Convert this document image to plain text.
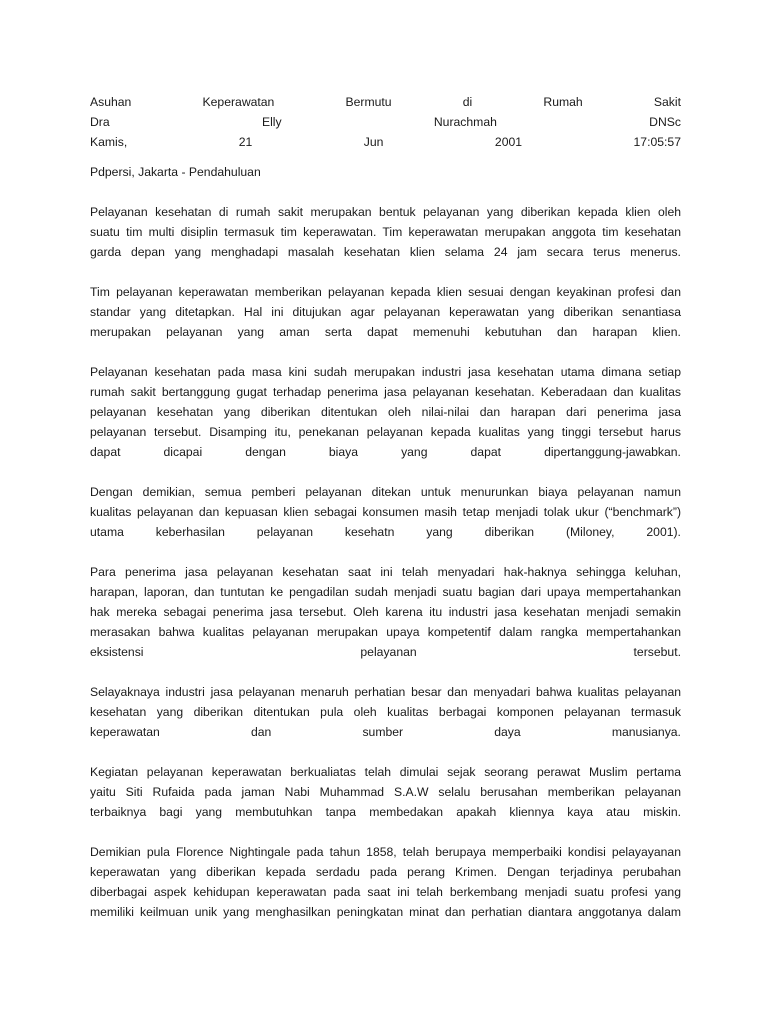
Asuhan	Keperawatan	Bermutu	di	Rumah	Sakit
Dra	Elly	Nurachmah	DNSc
Kamis,	21	Jun	2001	17:05:57
Pdpersi, Jakarta - Pendahuluan
Pelayanan kesehatan di rumah sakit merupakan bentuk pelayanan yang diberikan kepada klien oleh
suatu tim multi disiplin termasuk tim keperawatan. Tim keperawatan merupakan anggota tim kesehatan
garda depan yang menghadapi masalah kesehatan klien selama 24 jam secara terus menerus.
Tim pelayanan keperawatan memberikan pelayanan kepada klien sesuai dengan keyakinan profesi dan
standar yang ditetapkan. Hal ini ditujukan agar pelayanan keperawatan yang diberikan senantiasa
merupakan pelayanan yang aman serta dapat memenuhi kebutuhan dan harapan klien.
Pelayanan kesehatan pada masa kini sudah merupakan industri jasa kesehatan utama dimana setiap
rumah sakit bertanggung gugat terhadap penerima jasa pelayanan kesehatan. Keberadaan dan kualitas
pelayanan kesehatan yang diberikan ditentukan oleh nilai-nilai dan harapan dari penerima jasa
pelayanan tersebut. Disamping itu, penekanan pelayanan kepada kualitas yang tinggi tersebut harus
dapat	dicapai	dengan	biaya	yang	dapat	dipertanggung-jawabkan.
Dengan demikian, semua pemberi pelayanan ditekan untuk menurunkan biaya pelayanan namun
kualitas pelayanan dan kepuasan klien sebagai konsumen masih tetap menjadi tolak ukur (“benchmark”)
utama	keberhasilan	pelayanan	kesehatn	yang	diberikan	(Miloney,	2001).
Para penerima jasa pelayanan kesehatan saat ini telah menyadari hak-haknya sehingga keluhan,
harapan, laporan, dan tuntutan ke pengadilan sudah menjadi suatu bagian dari upaya mempertahankan
hak mereka sebagai penerima jasa tersebut. Oleh karena itu industri jasa kesehatan menjadi semakin
merasakan bahwa kualitas pelayanan merupakan upaya kompetentif dalam rangka mempertahankan
eksistensi	pelayanan	tersebut.
Selayaknaya industri jasa pelayanan menaruh perhatian besar dan menyadari bahwa kualitas pelayanan
kesehatan yang diberikan ditentukan pula oleh kualitas berbagai komponen pelayanan termasuk
keperawatan	dan	sumber	daya	manusianya.
Kegiatan pelayanan keperawatan berkualiatas telah dimulai sejak seorang perawat Muslim pertama
yaitu Siti Rufaida pada jaman Nabi Muhammad S.A.W selalu berusahan memberikan pelayanan
terbaiknya bagi yang membutuhkan tanpa membedakan apakah kliennya kaya atau miskin.
Demikian pula Florence Nightingale pada tahun 1858, telah berupaya memperbaiki kondisi pelayayanan
keperawatan yang diberikan kepada serdadu pada perang Krimen. Dengan terjadinya perubahan
diberbagai aspek kehidupan keperawatan pada saat ini telah berkembang menjadi suatu profesi yang
memiliki keilmuan unik yang menghasilkan peningkatan minat dan perhatian diantara anggotanya dalam
